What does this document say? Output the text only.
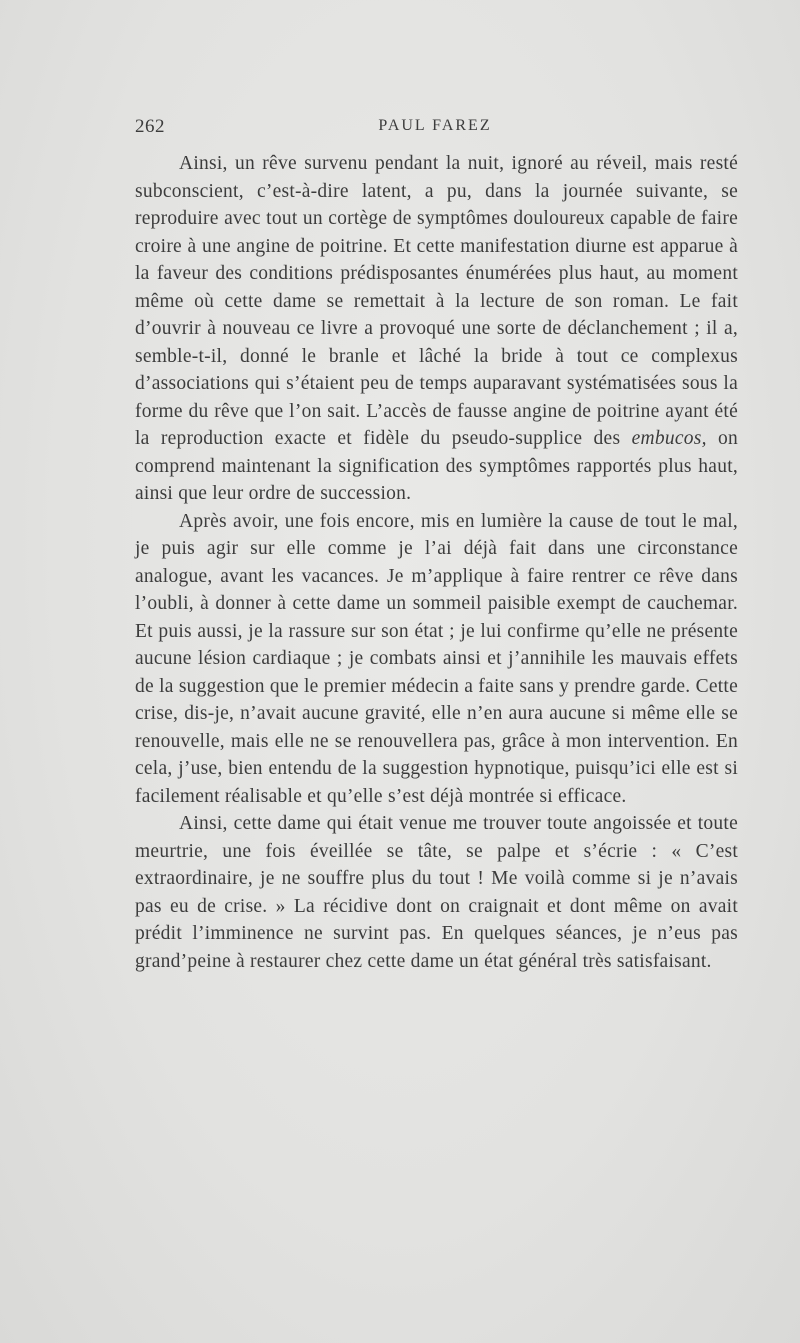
262	PAUL FAREZ

Ainsi, un rêve survenu pendant la nuit, ignoré au réveil, mais resté subconscient, c’est-à-dire latent, a pu, dans la journée suivante, se reproduire avec tout un cortège de symptômes douloureux capable de faire croire à une angine de poitrine. Et cette manifestation diurne est apparue à la faveur des conditions prédisposantes énumérées plus haut, au moment même où cette dame se remettait à la lecture de son roman. Le fait d’ouvrir à nouveau ce livre a provoqué une sorte de déclanchement ; il a, semble-t-il, donné le branle et lâché la bride à tout ce complexus d’associations qui s’étaient peu de temps auparavant systématisées sous la forme du rêve que l’on sait. L’accès de fausse angine de poitrine ayant été la reproduction exacte et fidèle du pseudo-supplice des embucos, on comprend maintenant la signification des symptômes rapportés plus haut, ainsi que leur ordre de succession.

Après avoir, une fois encore, mis en lumière la cause de tout le mal, je puis agir sur elle comme je l’ai déjà fait dans une circonstance analogue, avant les vacances. Je m’applique à faire rentrer ce rêve dans l’oubli, à donner à cette dame un sommeil paisible exempt de cauchemar. Et puis aussi, je la rassure sur son état ; je lui confirme qu’elle ne présente aucune lésion cardiaque ; je combats ainsi et j’annihile les mauvais effets de la suggestion que le premier médecin a faite sans y prendre garde. Cette crise, dis-je, n’avait aucune gravité, elle n’en aura aucune si même elle se renouvelle, mais elle ne se renouvellera pas, grâce à mon intervention. En cela, j’use, bien entendu de la suggestion hypnotique, puisqu’ici elle est si facilement réalisable et qu’elle s’est déjà montrée si efficace.

Ainsi, cette dame qui était venue me trouver toute angoissée et toute meurtrie, une fois éveillée se tâte, se palpe et s’écrie : « C’est extraordinaire, je ne souffre plus du tout ! Me voilà comme si je n’avais pas eu de crise. » La récidive dont on craignait et dont même on avait prédit l’imminence ne survint pas. En quelques séances, je n’eus pas grand’peine à restaurer chez cette dame un état général très satisfaisant.
